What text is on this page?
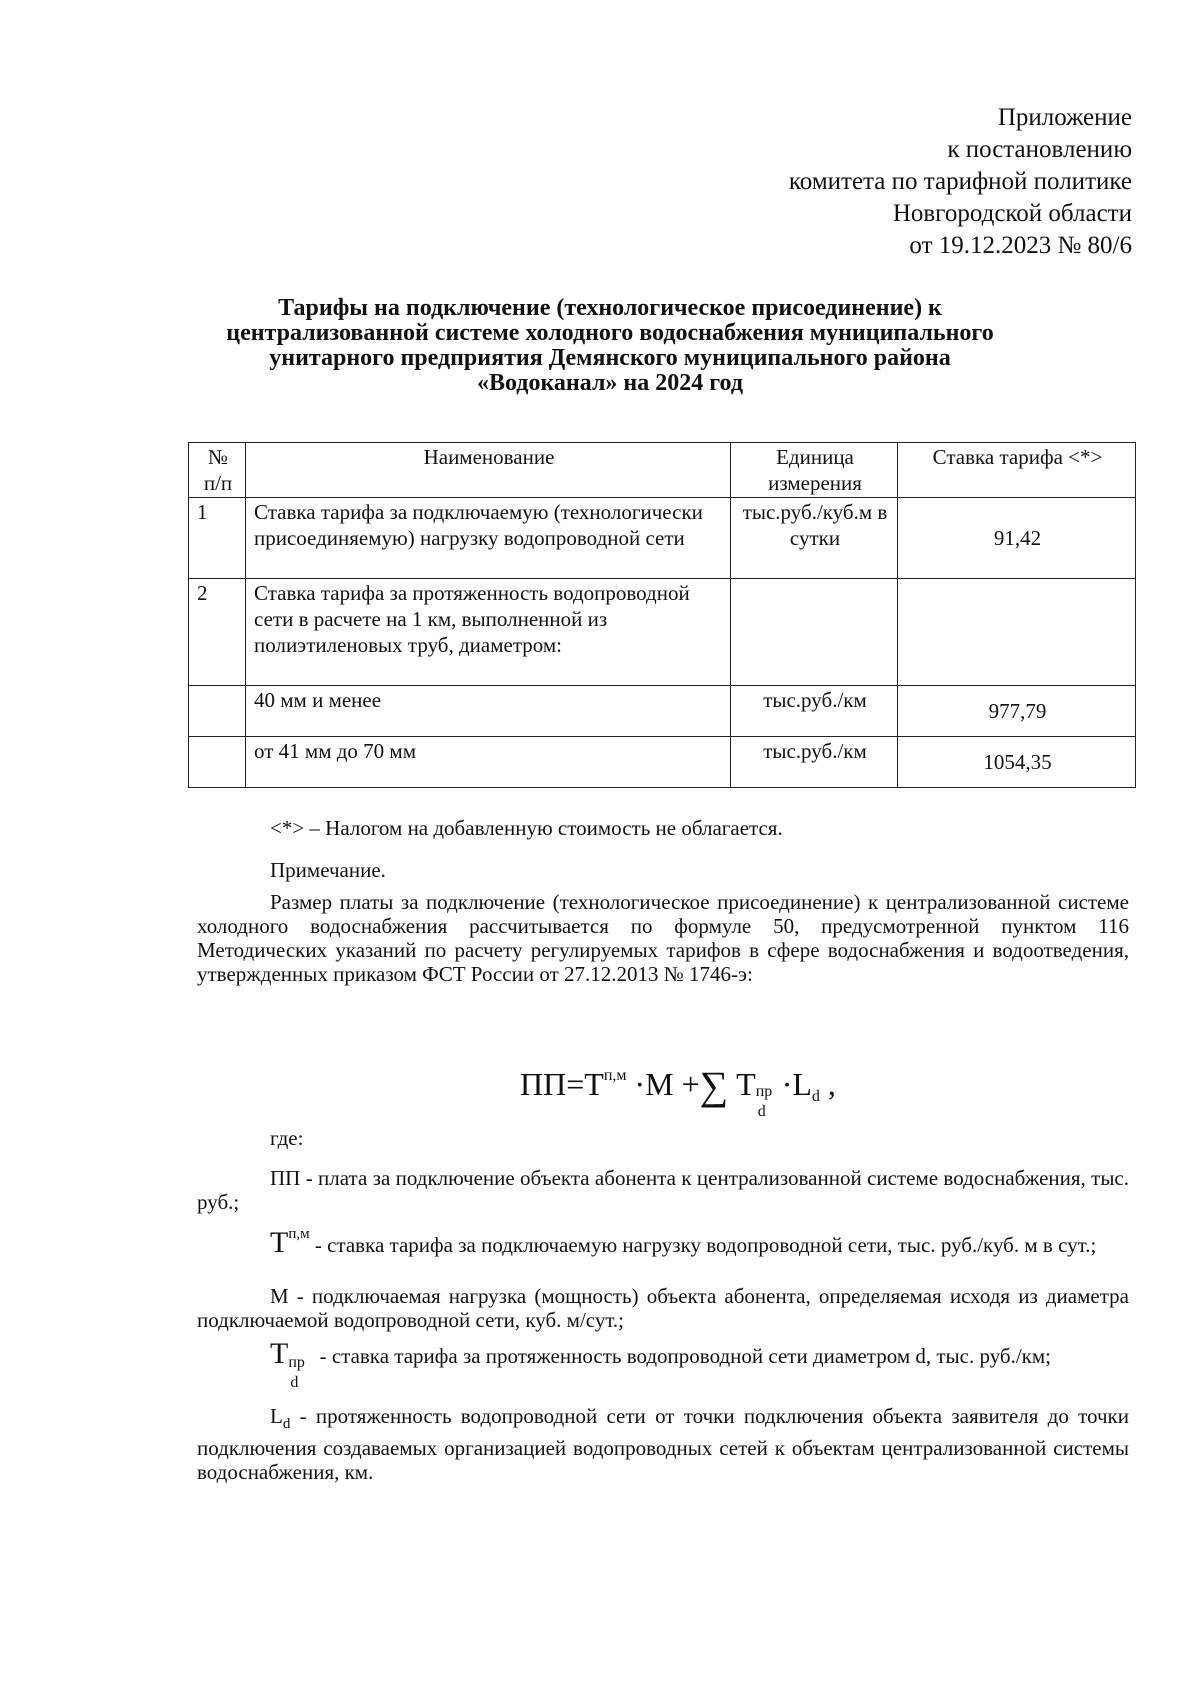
Приложение
к постановлению
комитета по тарифной политике
Новгородской области
от 19.12.2023 № 80/6
Тарифы на подключение (технологическое присоединение) к
централизованной системе холодного водоснабжения муниципального
унитарного предприятия Демянского муниципального района
«Водоканал» на 2024 год
№ п/п	Наименование	Единица измерения	Ставка тарифа <*>
1	Ставка тарифа за подключаемую (технологически присоединяемую) нагрузку водопроводной сети	тыс.руб./куб.м в сутки	91,42
2	Ставка тарифа за протяженность водопроводной сети в расчете на 1 км, выполненной из полиэтиленовых труб, диаметром:		
	40 мм и менее	тыс.руб./км	977,79
	от 41 мм до 70 мм	тыс.руб./км	1054,35
<*> – Налогом на добавленную стоимость не облагается.
Примечание.
Размер платы за подключение (технологическое присоединение) к централизованной системе холодного водоснабжения рассчитывается по формуле 50, предусмотренной пунктом 116 Методических указаний по расчету регулируемых тарифов в сфере водоснабжения и водоотведения, утвержденных приказом ФСТ России от 27.12.2013 № 1746-э:
$ПП=T^{п,м} \cdot M$ +∑ T пр
d
$\cdot L_d$ ,
где:
ПП - плата за подключение объекта абонента к централизованной системе водоснабжения, тыс. руб.;
$T^{п,м}$ - ставка тарифа за подключаемую нагрузку водопроводной сети, тыс. руб./куб. м в сут.;
M - подключаемая нагрузка (мощность) объекта абонента, определяемая исходя из диаметра подключаемой водопроводной сети, куб. м/сут.;
T пр
d
- ставка тарифа за протяженность водопроводной сети диаметром d, тыс. руб./км;
$L_d$ - протяженность водопроводной сети от точки подключения объекта заявителя до точки подключения создаваемых организацией водопроводных сетей к объектам централизованной системы водоснабжения, км.
